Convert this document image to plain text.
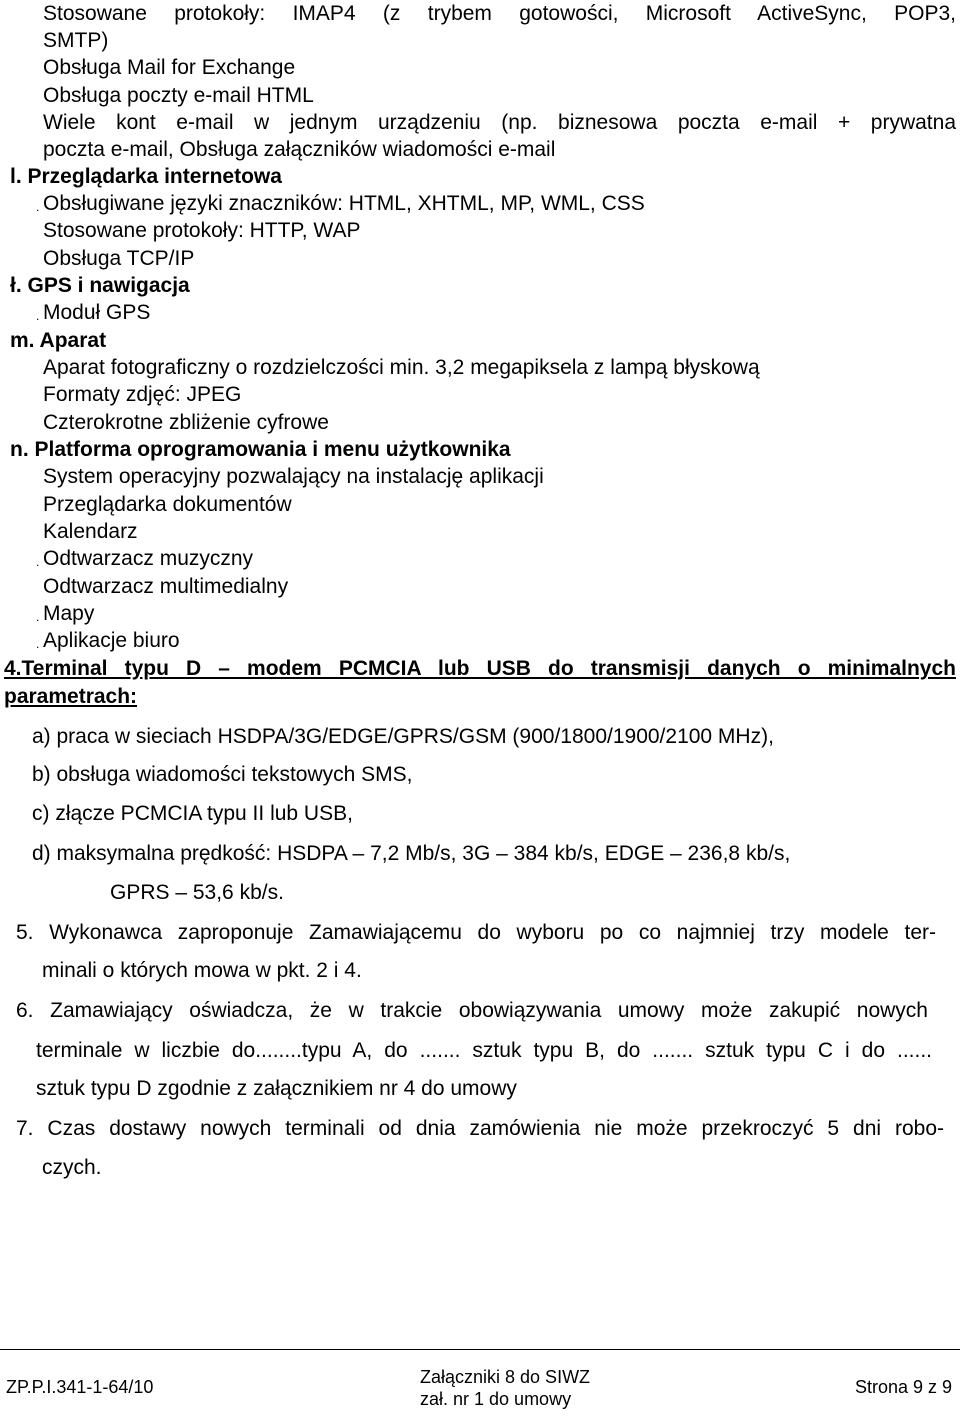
Stosowane protokoły: IMAP4 (z trybem gotowości, Microsoft ActiveSync, POP3,
SMTP)
Obsługa Mail for Exchange
Obsługa poczty e-mail HTML
Wiele kont e-mail w jednym urządzeniu (np. biznesowa poczta e-mail + prywatna
poczta e-mail, Obsługa załączników wiadomości e-mail
l. Przeglądarka internetowa
. Obsługiwane języki znaczników: HTML, XHTML, MP, WML, CSS
Stosowane protokoły: HTTP, WAP
Obsługa TCP/IP
ł. GPS i nawigacja
. Moduł GPS
m. Aparat
Aparat fotograficzny o rozdzielczości min. 3,2 megapiksela z lampą błyskową
Formaty zdjęć: JPEG
Czterokrotne zbliżenie cyfrowe
n. Platforma oprogramowania i menu użytkownika
System operacyjny pozwalający na instalację aplikacji
Przeglądarka dokumentów
Kalendarz
. Odtwarzacz muzyczny
Odtwarzacz multimedialny
. Mapy
. Aplikacje biuro
4.Terminal typu D – modem PCMCIA lub USB do transmisji danych o minimalnych
parametrach:
a) praca w sieciach HSDPA/3G/EDGE/GPRS/GSM (900/1800/1900/2100 MHz),
b) obsługa wiadomości tekstowych SMS,
c) złącze PCMCIA typu II lub USB,
d) maksymalna prędkość: HSDPA – 7,2 Mb/s, 3G – 384 kb/s, EDGE – 236,8 kb/s,
GPRS – 53,6 kb/s.
5. Wykonawca zaproponuje Zamawiającemu do wyboru po co najmniej trzy modele ter-
minali o których mowa w pkt. 2 i 4.
6. Zamawiający oświadcza, że w trakcie obowiązywania umowy może zakupić nowych
terminale w liczbie do........typu A, do ....... sztuk typu B, do ....... sztuk typu C i do ......
sztuk typu D zgodnie z załącznikiem nr 4 do umowy
7. Czas dostawy nowych terminali od dnia zamówienia nie może przekroczyć 5 dni robo-
czych.
ZP.P.I.341-1-64/10	Załączniki 8 do SIWZ
zał. nr 1 do umowy
Strona 9 z 9
